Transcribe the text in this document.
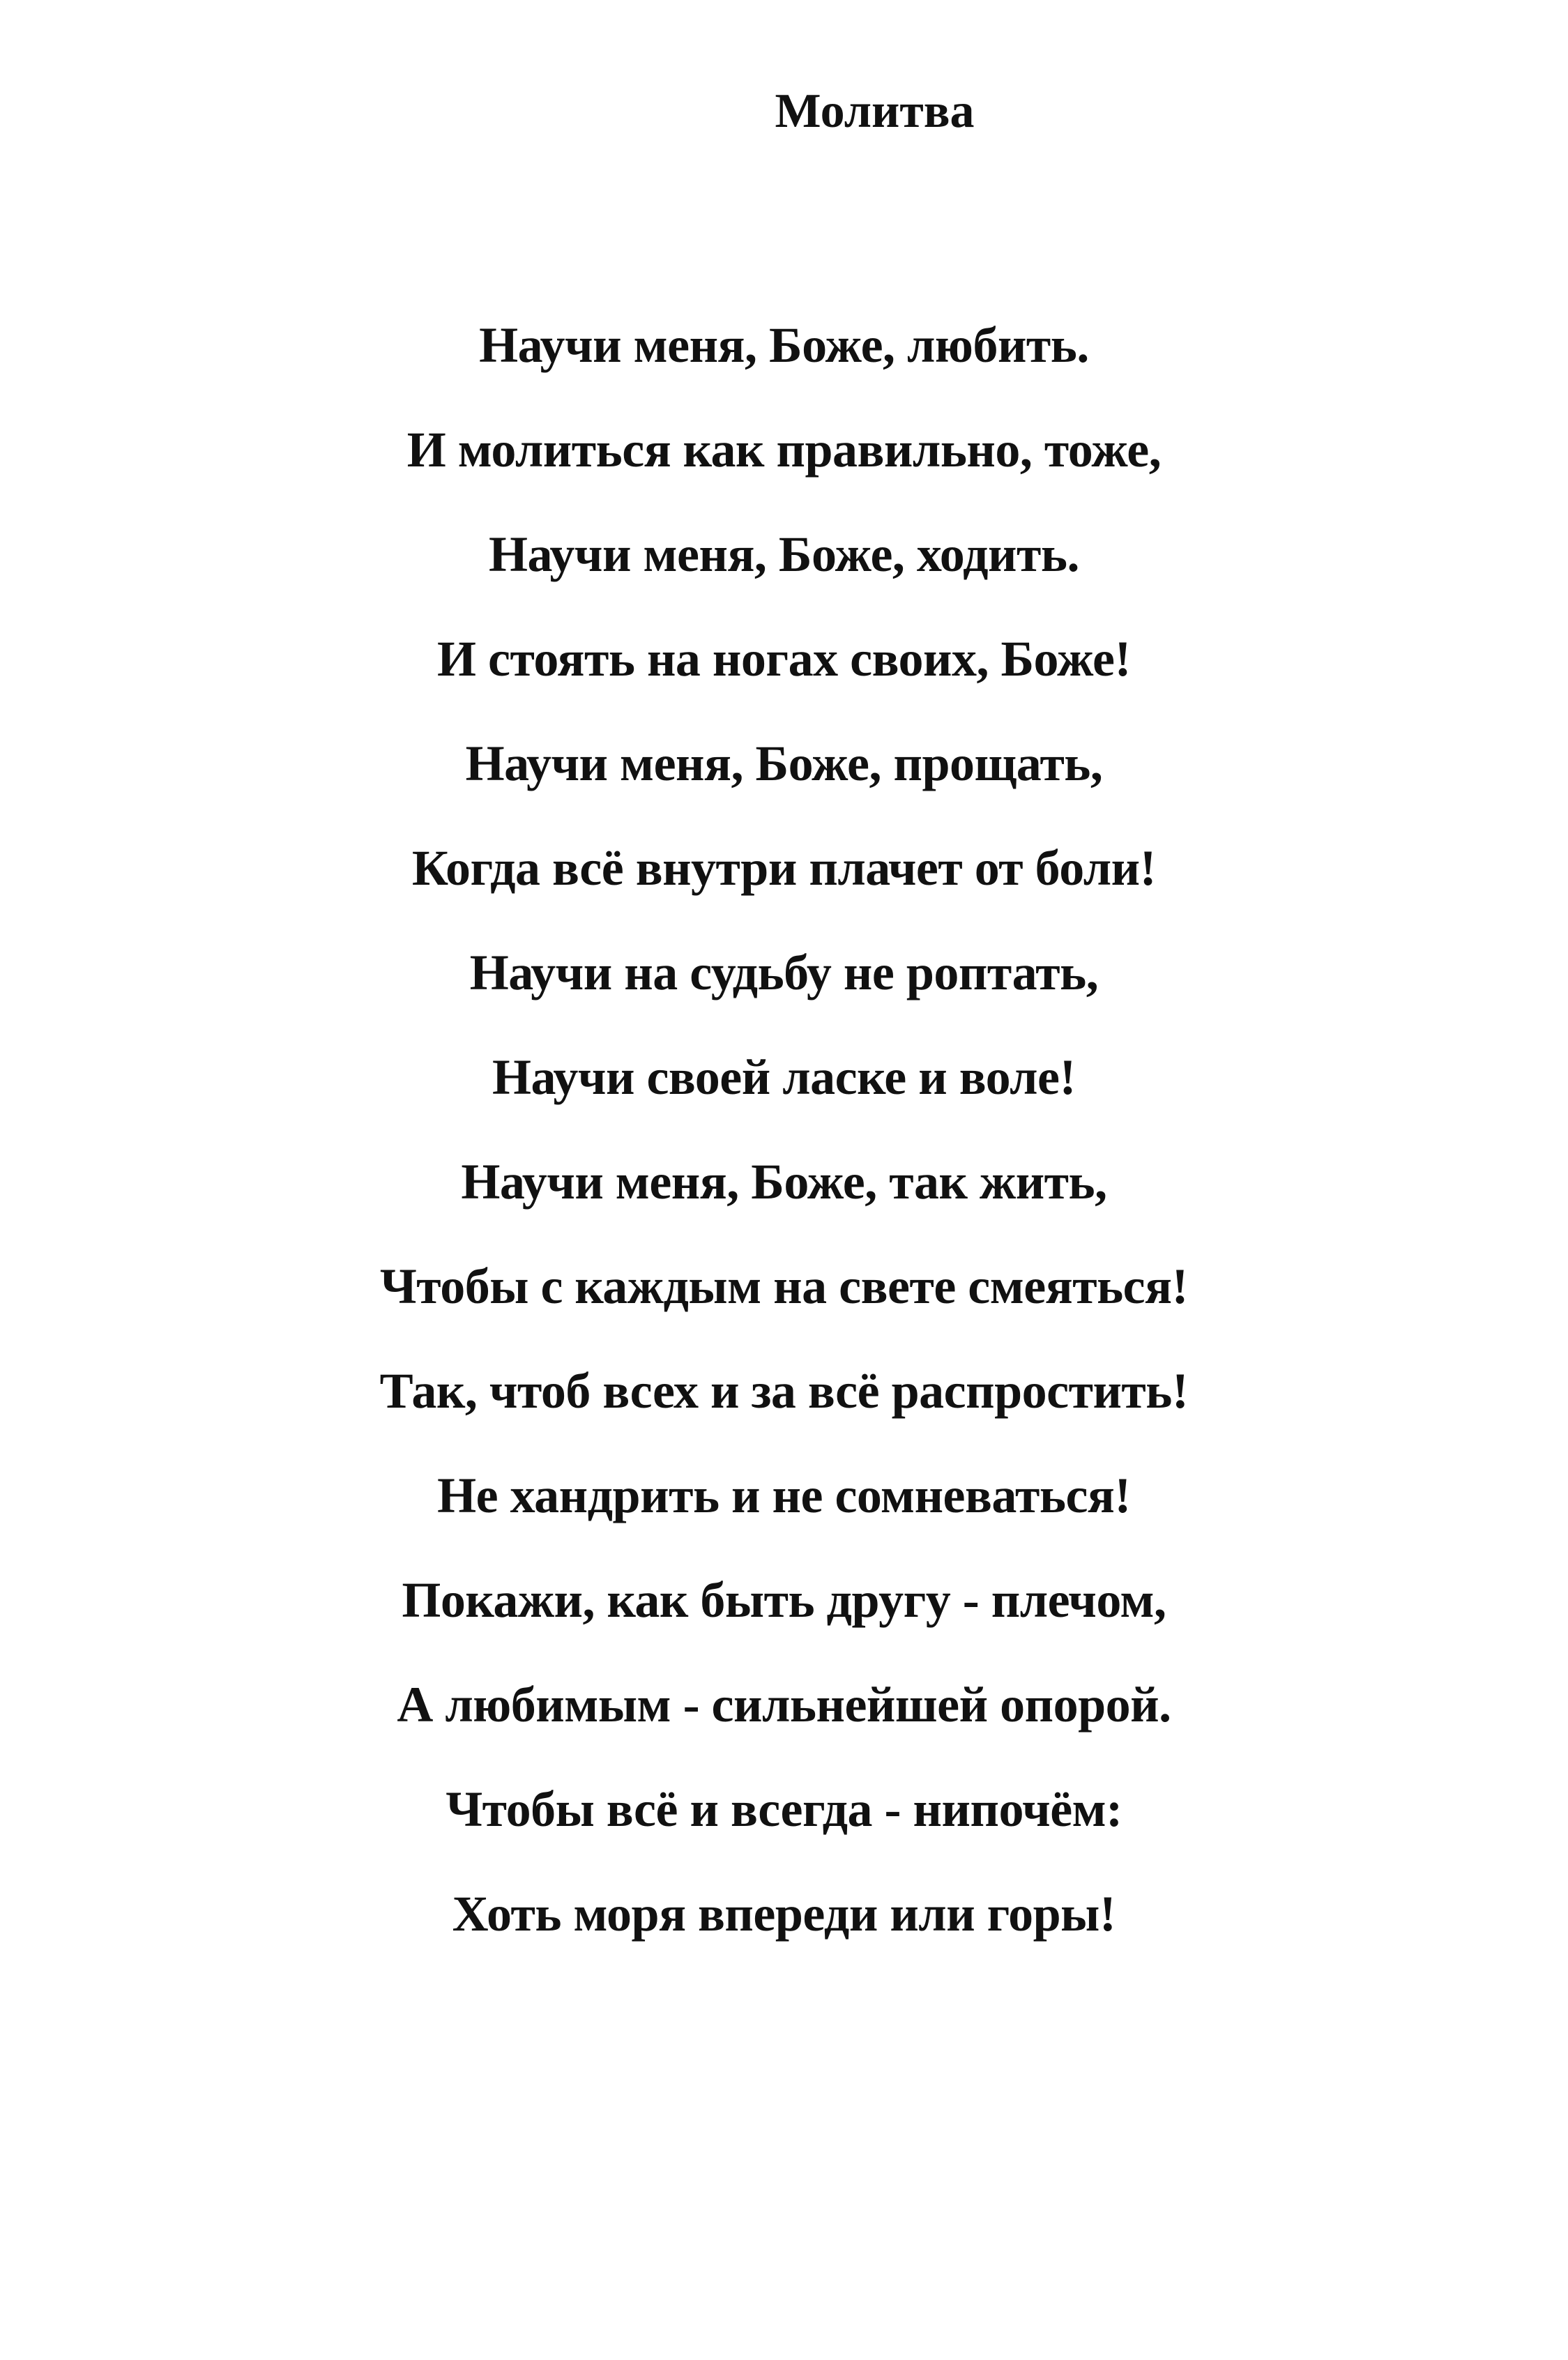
Молитва
Научи меня, Боже, любить.
И молиться как правильно, тоже,
Научи меня, Боже, ходить.
И стоять на ногах своих, Боже!
Научи меня, Боже, прощать,
Когда всё внутри плачет от боли!
Научи на судьбу не роптать,
Научи своей ласке и воле!
Научи меня, Боже, так жить,
Чтобы с каждым на свете смеяться!
Так, чтоб всех и за всё распростить!
Не хандрить и не сомневаться!
Покажи, как быть другу - плечом,
А любимым - сильнейшей опорой.
Чтобы всё и всегда - нипочём:
Хоть моря впереди или горы!
